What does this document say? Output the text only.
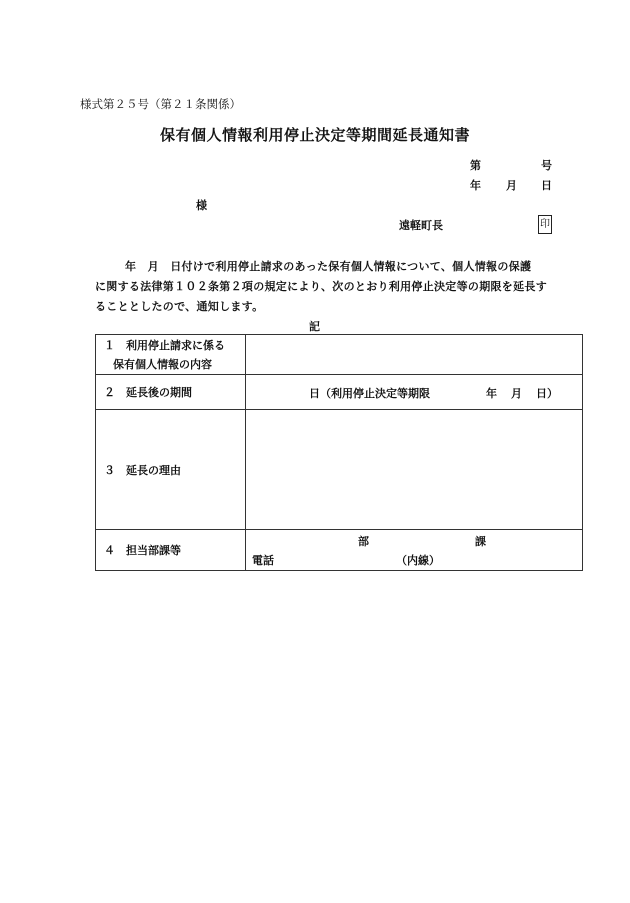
様式第２５号（第２１条関係）
保有個人情報利用停止決定等期間延長通知書
第	号
年 月 日
様
遠軽町長	印
年　月　日付けで利用停止請求のあった保有個人情報について、個人情報の保護
に関する法律第１０２条第２項の規定により、次のとおり利用停止決定等の期限を延長す
ることとしたので、通知します。
記
１　利用停止請求に係る
保有個人情報の内容	

２　延長後の期間	日（利用停止決定等期限 年 月 日）

３　延長の理由	
４　担当部課等	部 課
電話 （内線）
